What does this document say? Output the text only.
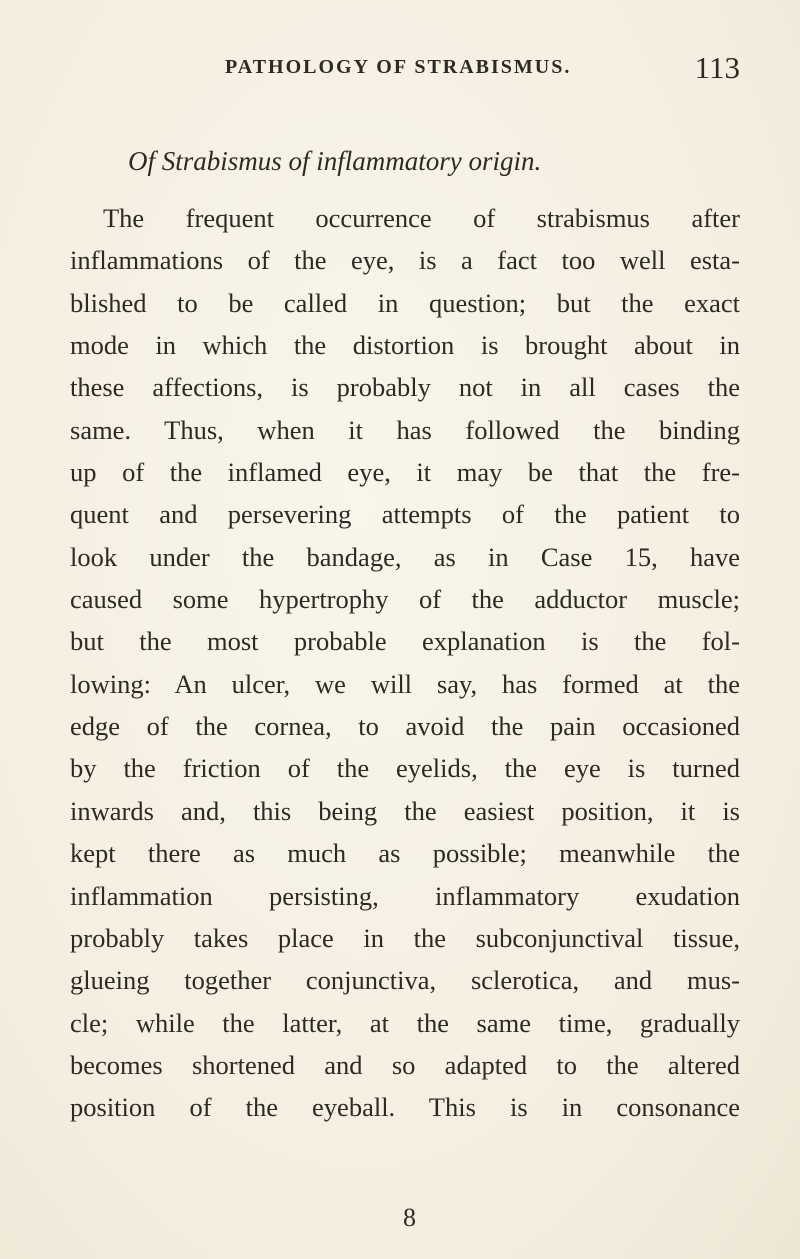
PATHOLOGY OF STRABISMUS.	113
Of Strabismus of inflammatory origin.
The frequent occurrence of strabismus after
inflammations of the eye, is a fact too well esta-
blished to be called in question; but the exact
mode in which the distortion is brought about in
these affections, is probably not in all cases the
same. Thus, when it has followed the binding
up of the inflamed eye, it may be that the fre-
quent and persevering attempts of the patient to
look under the bandage, as in Case 15, have
caused some hypertrophy of the adductor muscle;
but the most probable explanation is the fol-
lowing: An ulcer, we will say, has formed at the
edge of the cornea, to avoid the pain occasioned
by the friction of the eyelids, the eye is turned
inwards and, this being the easiest position, it is
kept there as much as possible; meanwhile the
inflammation persisting, inflammatory exudation
probably takes place in the subconjunctival tissue,
glueing together conjunctiva, sclerotica, and mus-
cle; while the latter, at the same time, gradually
becomes shortened and so adapted to the altered
position of the eyeball. This is in consonance
8
